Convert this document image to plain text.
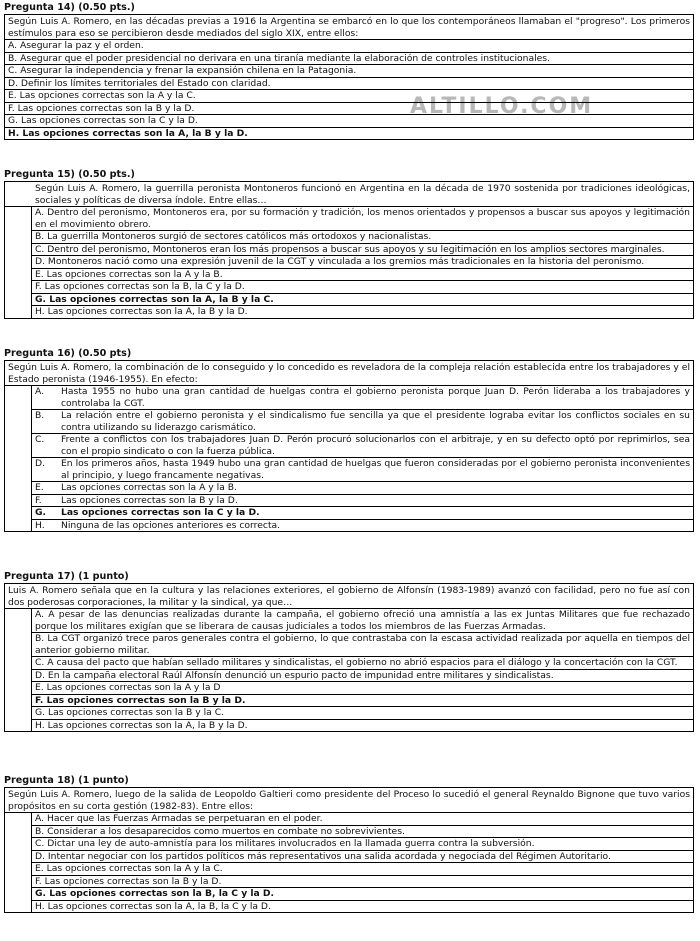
ALTILLO.COM
Pregunta 14) (0.50 pts.)
Según Luis A. Romero, en las décadas previas a 1916 la Argentina se embarcó en lo que los contemporáneos llamaban el "progreso". Los primeros estímulos para eso se percibieron desde mediados del siglo XIX, entre ellos:
A. Asegurar la paz y el orden.
B. Asegurar que el poder presidencial no derivara en una tiranía mediante la elaboración de controles institucionales.
C. Asegurar la independencia y frenar la expansión chilena en la Patagonia.
D. Definir los límites territoriales del Estado con claridad.
E. Las opciones correctas son la A y la C.
F. Las opciones correctas son la B y la D.
G. Las opciones correctas son la C y la D.
H. Las opciones correctas son la A, la B y la D.
Pregunta 15) (0.50 pts.)
Según Luis A. Romero, la guerrilla peronista Montoneros funcionó en Argentina en la década de 1970 sostenida por tradiciones ideológicas, sociales y políticas de diversa índole. Entre ellas…
A. Dentro del peronismo, Montoneros era, por su formación y tradición, los menos orientados y propensos a buscar sus apoyos y legitimación en el movimiento obrero.
B. La guerrilla Montoneros surgió de sectores católicos más ortodoxos y nacionalistas.
C. Dentro del peronismo, Montoneros eran los más propensos a buscar sus apoyos y su legitimación en los amplios sectores marginales.
D. Montoneros nació como una expresión juvenil de la CGT y vinculada a los gremios más tradicionales en la historia del peronismo.
E. Las opciones correctas son la A y la B.
F. Las opciones correctas son la B, la C y la D.
G. Las opciones correctas son la A, la B y la C.
H. Las opciones correctas son la A, la B y la D.
Pregunta 16) (0.50 pts)
Según Luis A. Romero, la combinación de lo conseguido y lo concedido es reveladora de la compleja relación establecida entre los trabajadores y el Estado peronista (1946-1955). En efecto:
A.	Hasta 1955 no hubo una gran cantidad de huelgas contra el gobierno peronista porque Juan D. Perón lideraba a los trabajadores y controlaba la CGT.
B.	La relación entre el gobierno peronista y el sindicalismo fue sencilla ya que el presidente lograba evitar los conflictos sociales en su contra utilizando su liderazgo carismático.
C.	Frente a conflictos con los trabajadores Juan D. Perón procuró solucionarlos con el arbitraje, y en su defecto optó por reprimirlos, sea con el propio sindicato o con la fuerza pública.
D.	En los primeros años, hasta 1949 hubo una gran cantidad de huelgas que fueron consideradas por el gobierno peronista inconvenientes al principio, y luego francamente negativas.
E.	Las opciones correctas son la A y la B.
F.	Las opciones correctas son la B y la D.
G.	Las opciones correctas son la C y la D.
H.	Ninguna de las opciones anteriores es correcta.
Pregunta 17) (1 punto)
Luis A. Romero señala que en la cultura y las relaciones exteriores, el gobierno de Alfonsín (1983-1989) avanzó con facilidad, pero no fue así con dos poderosas corporaciones, la militar y la sindical, ya que…
A. A pesar de las denuncias realizadas durante la campaña, el gobierno ofreció una amnistía a las ex Juntas Militares que fue rechazado porque los militares exigían que se liberara de causas judiciales a todos los miembros de las Fuerzas Armadas.
B. La CGT organizó trece paros generales contra el gobierno, lo que contrastaba con la escasa actividad realizada por aquella en tiempos del anterior gobierno militar.
C. A causa del pacto que habían sellado militares y sindicalistas, el gobierno no abrió espacios para el diálogo y la concertación con la CGT.
D. En la campaña electoral Raúl Alfonsín denunció un espurio pacto de impunidad entre militares y sindicalistas.
E. Las opciones correctas son la A y la D
F. Las opciones correctas son la B y la D.
G. Las opciones correctas son la B y la C.
H. Las opciones correctas son la A, la B y la D.
Pregunta 18) (1 punto)
Según Luis A. Romero, luego de la salida de Leopoldo Galtieri como presidente del Proceso lo sucedió el general Reynaldo Bignone que tuvo varios propósitos en su corta gestión (1982-83). Entre ellos:
A. Hacer que las Fuerzas Armadas se perpetuaran en el poder.
B. Considerar a los desaparecidos como muertos en combate no sobrevivientes.
C. Dictar una ley de auto-amnistía para los militares involucrados en la llamada guerra contra la subversión.
D. Intentar negociar con los partidos políticos más representativos una salida acordada y negociada del Régimen Autoritario.
E. Las opciones correctas son la A y la C.
F. Las opciones correctas son la B y la D.
G. Las opciones correctas son la B, la C y la D.
H. Las opciones correctas son la A, la B, la C y la D.
